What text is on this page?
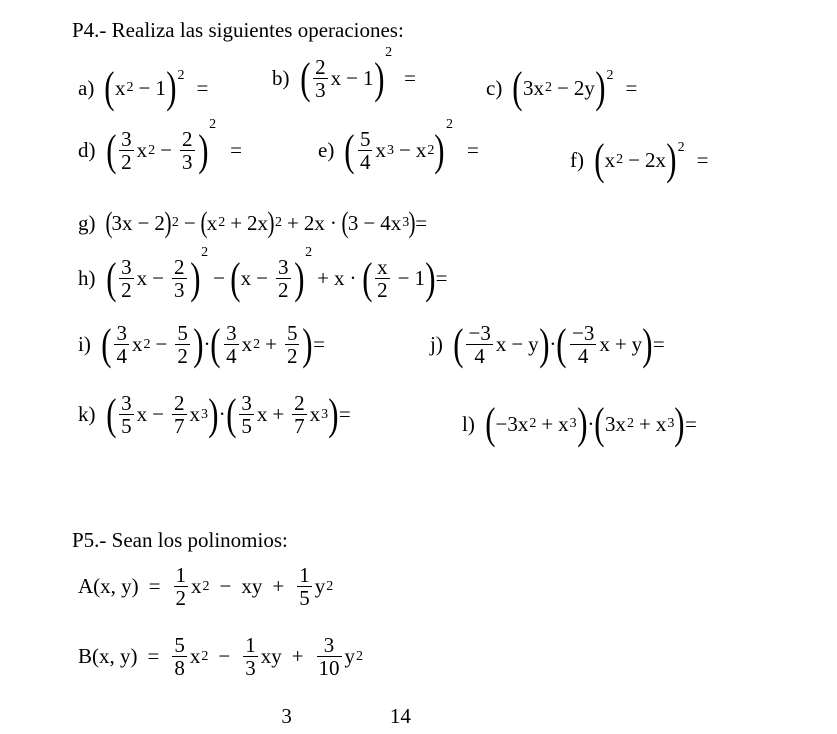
P4.- Realiza las siguientes operaciones:
a) ( x 2 − 1 ) 2 =	b) ( $\frac{2}{3}$ x − 1 )
2
=	c) ( 3x 2 − 2y ) 2 =
d) ( $\frac{3}{2}$ x $2 - \frac{2}{3}$ )
2
=	e) ( $\frac{5}{4}$ x 3 − x 2 )
2
=	f) ( x 2 − 2x ) 2 =
g) ( 3x − 2 ) 2 − ( x 2 + 2x ) 2 + 2x · ( 3 − 4x 3 ) =
h) ( $\frac{3}{2}$ $x - \frac{2}{3}$ )
2
− ( $x - \frac{3}{2}$ )
2
+ x · ( $\frac{x}{2} - 1$ ) =
i) ( $\frac{3}{4}$ x $2 - \frac{5}{2}$ ) · ( $\frac{3}{4}$ x $2 + \frac{5}{2}$ ) =	j) ( $\frac{-3}{4}$ x − y ) · ( $\frac{-3}{4}$ x + y ) =
k) ( $\frac{3}{5}$ $x - \frac{2}{7}$ x 3 ) · ( $\frac{3}{5}$ $x + \frac{2}{7}$ x 3 ) =	l) ( −3x 2 + x 3 ) · ( 3x 2 + x 3 ) =
P5.- Sean los polinomios:
A(x, $y) = \frac{1}{2}$ x 2 − xy + $\frac{1}{5}$ y 2
B(x, $y) = \frac{5}{8}$ x $2 - \frac{1}{3}$ xy + $\frac{3}{10}$ y 2
3	14
